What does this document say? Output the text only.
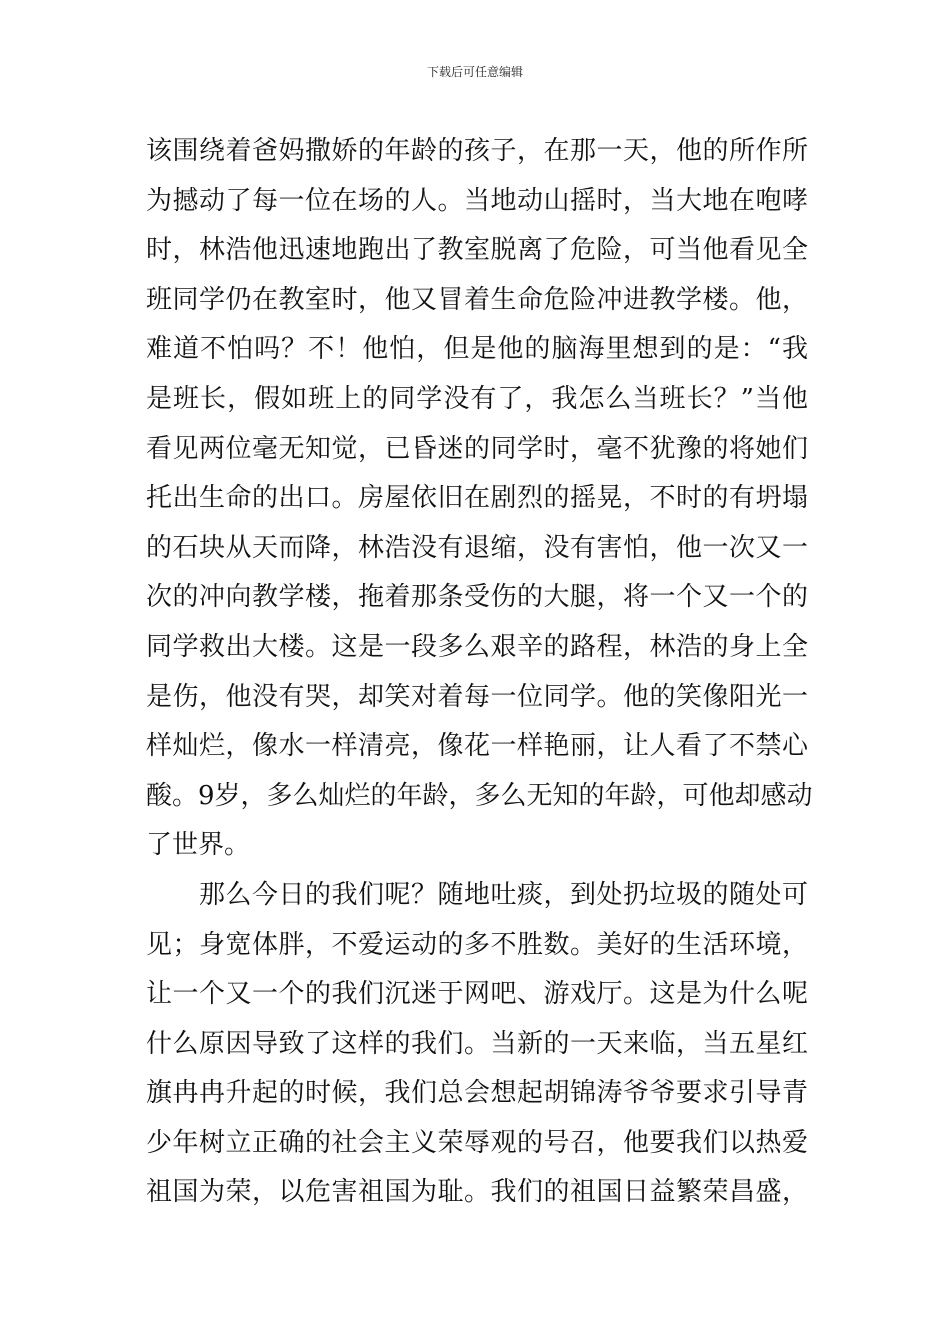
下载后可任意编辑
该围绕着爸妈撒娇的年龄的孩子，在那一天，他的所作所
为撼动了每一位在场的人。当地动山摇时，当大地在咆哮
时，林浩他迅速地跑出了教室脱离了危险，可当他看见全
班同学仍在教室时，他又冒着生命危险冲进教学楼。他，
难道不怕吗？不！他怕，但是他的脑海里想到的是：“我
是班长，假如班上的同学没有了，我怎么当班长？”当他
看见两位毫无知觉，已昏迷的同学时，毫不犹豫的将她们
托出生命的出口。房屋依旧在剧烈的摇晃，不时的有坍塌
的石块从天而降，林浩没有退缩，没有害怕，他一次又一
次的冲向教学楼，拖着那条受伤的大腿，将一个又一个的
同学救出大楼。这是一段多么艰辛的路程，林浩的身上全
是伤，他没有哭，却笑对着每一位同学。他的笑像阳光一
样灿烂，像水一样清亮，像花一样艳丽，让人看了不禁心
酸。9岁，多么灿烂的年龄，多么无知的年龄，可他却感动
了世界。
　　那么今日的我们呢？随地吐痰，到处扔垃圾的随处可
见；身宽体胖，不爱运动的多不胜数。美好的生活环境，
让一个又一个的我们沉迷于网吧、游戏厅。这是为什么呢
什么原因导致了这样的我们。当新的一天来临，当五星红
旗冉冉升起的时候，我们总会想起胡锦涛爷爷要求引导青
少年树立正确的社会主义荣辱观的号召，他要我们以热爱
祖国为荣，以危害祖国为耻。我们的祖国日益繁荣昌盛，
